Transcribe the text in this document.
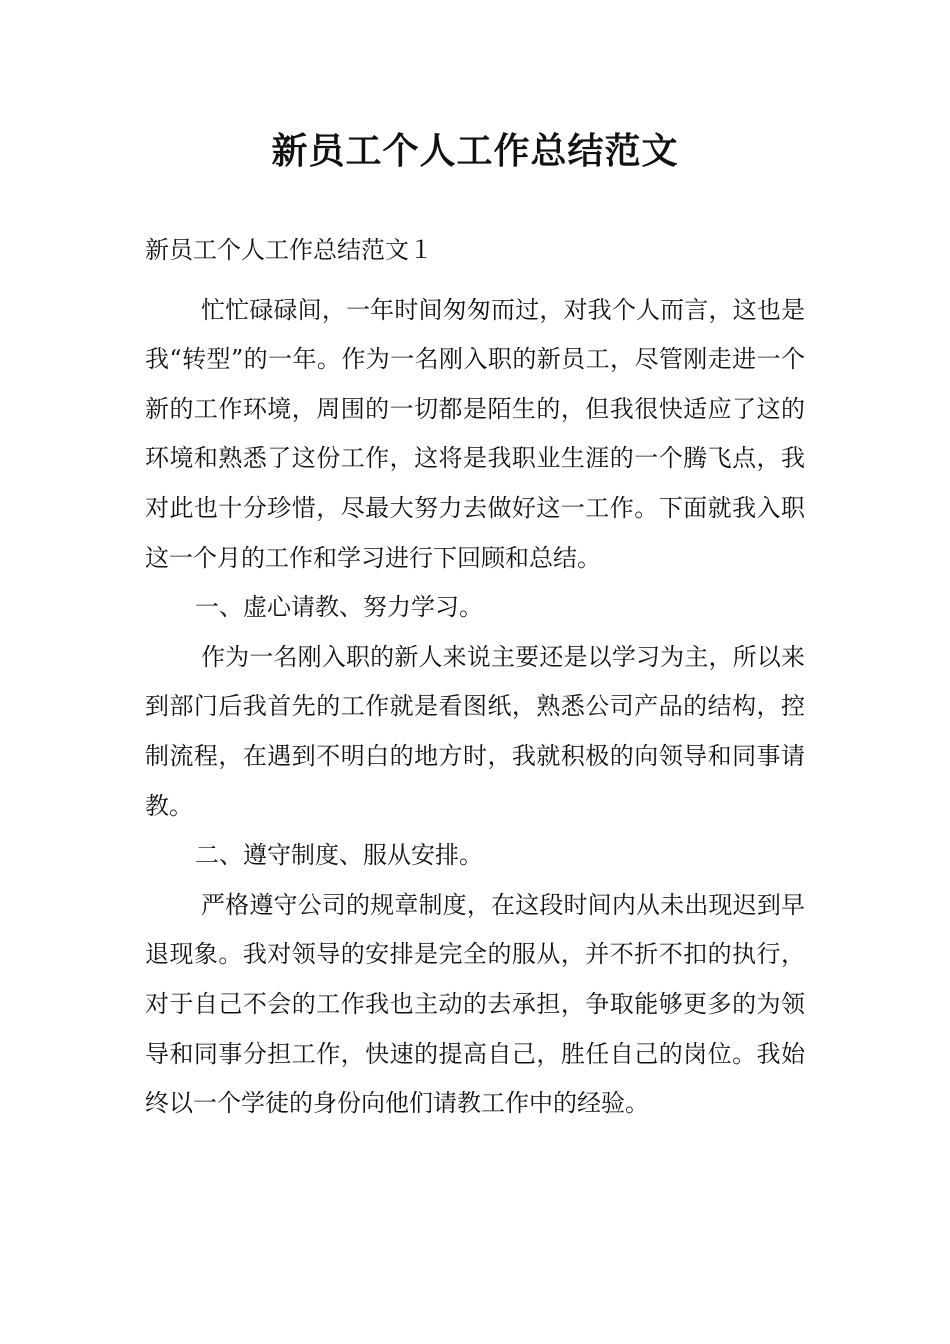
新员工个人工作总结范文

新员工个人工作总结范文１

忙忙碌碌间，一年时间匆匆而过，对我个人而言，这也是我“转型”的一年。作为一名刚入职的新员工，尽管刚走进一个新的工作环境，周围的一切都是陌生的，但我很快适应了这的环境和熟悉了这份工作，这将是我职业生涯的一个腾飞点，我对此也十分珍惜，尽最大努力去做好这一工作。下面就我入职这一个月的工作和学习进行下回顾和总结。

一、虚心请教、努力学习。

作为一名刚入职的新人来说主要还是以学习为主，所以来到部门后我首先的工作就是看图纸，熟悉公司产品的结构，控制流程，在遇到不明白的地方时，我就积极的向领导和同事请教。

二、遵守制度、服从安排。

严格遵守公司的规章制度，在这段时间内从未出现迟到早退现象。我对领导的安排是完全的服从，并不折不扣的执行，对于自己不会的工作我也主动的去承担，争取能够更多的为领导和同事分担工作，快速的提高自己，胜任自己的岗位。我始终以一个学徒的身份向他们请教工作中的经验。
